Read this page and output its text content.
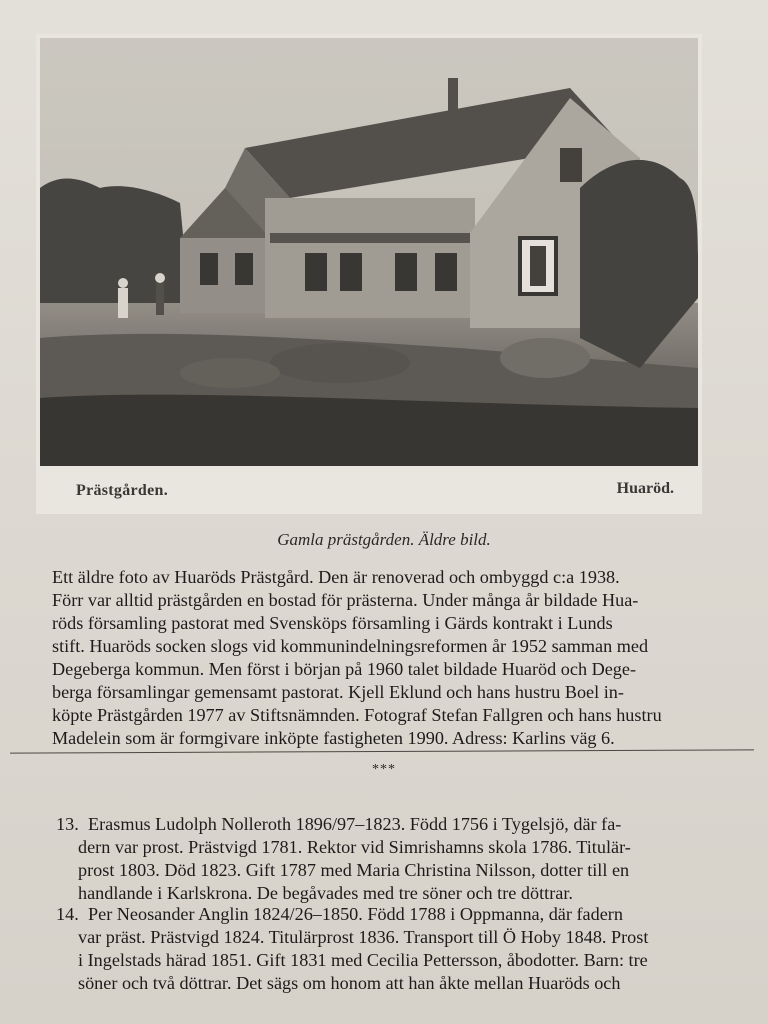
Prästgården.	Huaröd.
Gamla prästgården. Äldre bild.
Ett äldre foto av Huaröds Prästgård. Den är renoverad och ombyggd c:a 1938.
Förr var alltid prästgården en bostad för prästerna. Under många år bildade Hua-
röds församling pastorat med Svensköps församling i Gärds kontrakt i Lunds
stift. Huaröds socken slogs vid kommunindelningsreformen år 1952 samman med
Degeberga kommun. Men först i början på 1960 talet bildade Huaröd och Dege-
berga församlingar gemensamt pastorat. Kjell Eklund och hans hustru Boel in-
köpte Prästgården 1977 av Stiftsnämnden. Fotograf Stefan Fallgren och hans hustru
Madelein som är formgivare inköpte fastigheten 1990. Adress: Karlins väg 6.
***
13. Erasmus Ludolph Nolleroth 1896/97–1823. Född 1756 i Tygelsjö, där fa-
dern var prost. Prästvigd 1781. Rektor vid Simrishamns skola 1786. Titulär-
prost 1803. Död 1823. Gift 1787 med Maria Christina Nilsson, dotter till en
handlande i Karlskrona. De begåvades med tre söner och tre döttrar.
14. Per Neosander Anglin 1824/26–1850. Född 1788 i Oppmanna, där fadern
var präst. Prästvigd 1824. Titulärprost 1836. Transport till Ö Hoby 1848. Prost
i Ingelstads härad 1851. Gift 1831 med Cecilia Pettersson, åbodotter. Barn: tre
söner och två döttrar. Det sägs om honom att han åkte mellan Huaröds och
